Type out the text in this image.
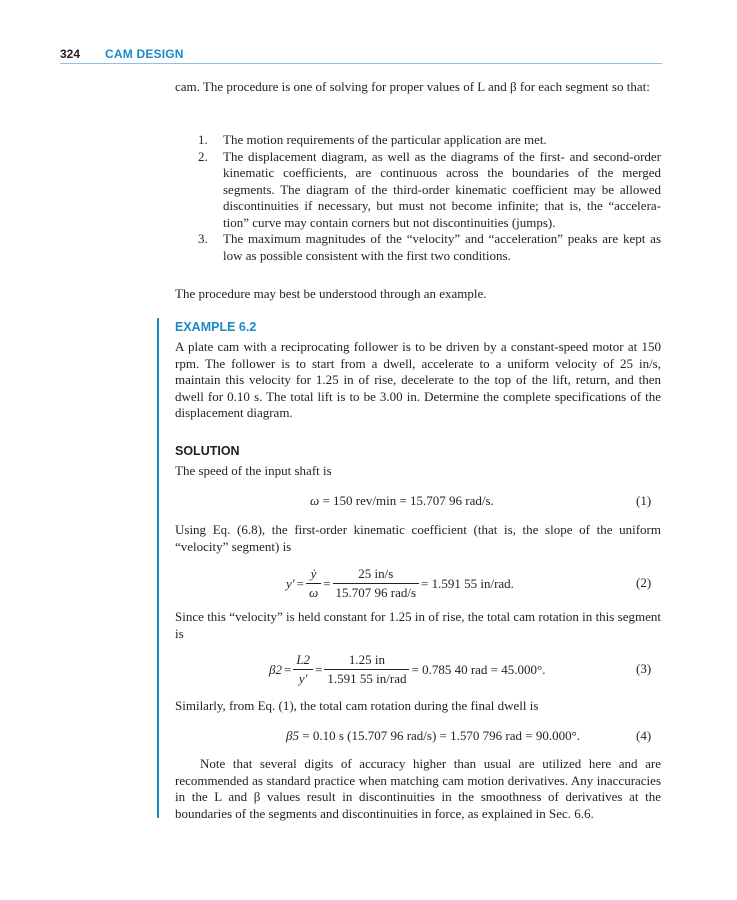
324 CAM DESIGN
cam. The procedure is one of solving for proper values of L and β for each segment so that:
1.	The motion requirements of the particular application are met.
2.	The displacement diagram, as well as the diagrams of the first- and second-order kinematic coefficients, are continuous across the boundaries of the merged segments. The diagram of the third-order kinematic coefficient may be allowed discontinuities if necessary, but must not become infinite; that is, the “accelera-tion” curve may contain corners but not discontinuities (jumps).
3.	The maximum magnitudes of the “velocity” and “acceleration” peaks are kept as low as possible consistent with the first two conditions.
The procedure may best be understood through an example.
EXAMPLE 6.2
A plate cam with a reciprocating follower is to be driven by a constant-speed motor at 150 rpm. The follower is to start from a dwell, accelerate to a uniform velocity of 25 in/s, maintain this velocity for 1.25 in of rise, decelerate to the top of the lift, return, and then dwell for 0.10 s. The total lift is to be 3.00 in. Determine the complete specifications of the displacement diagram.
SOLUTION
The speed of the input shaft is
ω = 150 rev/min = 15.707 96 rad/s.	(1)
Using Eq. (6.8), the first-order kinematic coefficient (that is, the slope of the uniform “velocity” segment) is
$y' = \frac{\text{ẏ}}{\omega} = \frac{25 in/s}{\text{15.707 96 rad/s}} = 1.591$ 55 in/rad.	(2)
Since this “velocity” is held constant for 1.25 in of rise, the total cam rotation in this segment is
$\beta 2 = \frac{L2}{y'} = \frac{1.25 in}{\text{1.591 55 in/rad}} = 0.785$ 40 rad = 45.000°.	(3)
Similarly, from Eq. (1), the total cam rotation during the final dwell is
β5 = 0.10 s (15.707 96 rad/s) = 1.570 796 rad = 90.000°.	(4)
Note that several digits of accuracy higher than usual are utilized here and are recommended as standard practice when matching cam motion derivatives. Any inaccuracies in the L and β values result in discontinuities in the smoothness of derivatives at the boundaries of the segments and discontinuities in force, as explained in Sec. 6.6.
